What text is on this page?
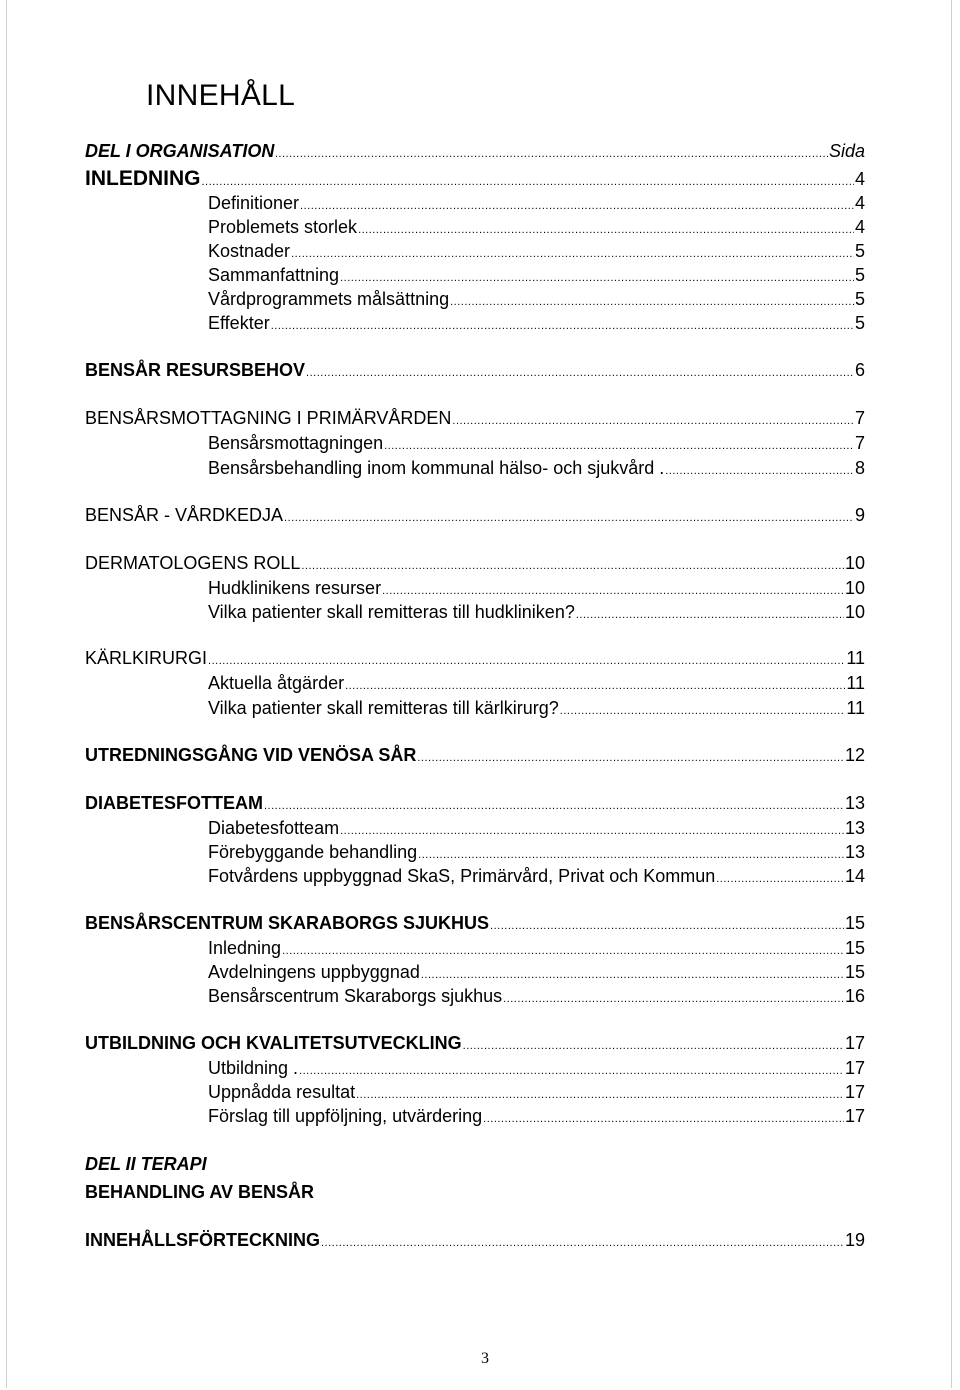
INNEHÅLL
DEL I ORGANISATION .....	Sida
INLEDNING .....	4
Definitioner .....	4
Problemets storlek .....	4
Kostnader .....	5
Sammanfattning .....	5
Vårdprogrammets målsättning .....	5
Effekter .....	5
BENSÅR RESURSBEHOV .....	6
BENSÅRSMOTTAGNING I PRIMÄRVÅRDEN .....	7
Bensårsmottagningen .....	7
Bensårsbehandling inom kommunal hälso- och sjukvård . .....	8
BENSÅR - VÅRDKEDJA .....	9
DERMATOLOGENS ROLL .....	10
Hudklinikens resurser .....	10
Vilka patienter skall remitteras till hudkliniken? .....	10
KÄRLKIRURGI .....	11
Aktuella åtgärder .....	11
Vilka patienter skall remitteras till kärlkirurg? .....	11
UTREDNINGSGÅNG VID VENÖSA SÅR .....	12
DIABETESFOTTEAM .....	13
Diabetesfotteam .....	13
Förebyggande behandling .....	13
Fotvårdens uppbyggnad SkaS, Primärvård, Privat och Kommun .....	14
BENSÅRSCENTRUM SKARABORGS SJUKHUS .....	15
Inledning .....	15
Avdelningens uppbyggnad .....	15
Bensårscentrum Skaraborgs sjukhus .....	16
UTBILDNING OCH KVALITETSUTVECKLING .....	17
Utbildning . .....	17
Uppnådda resultat .....	17
Förslag till uppföljning, utvärdering .....	17
DEL II TERAPI
BEHANDLING AV BENSÅR
INNEHÅLLSFÖRTECKNING .....	19
3
